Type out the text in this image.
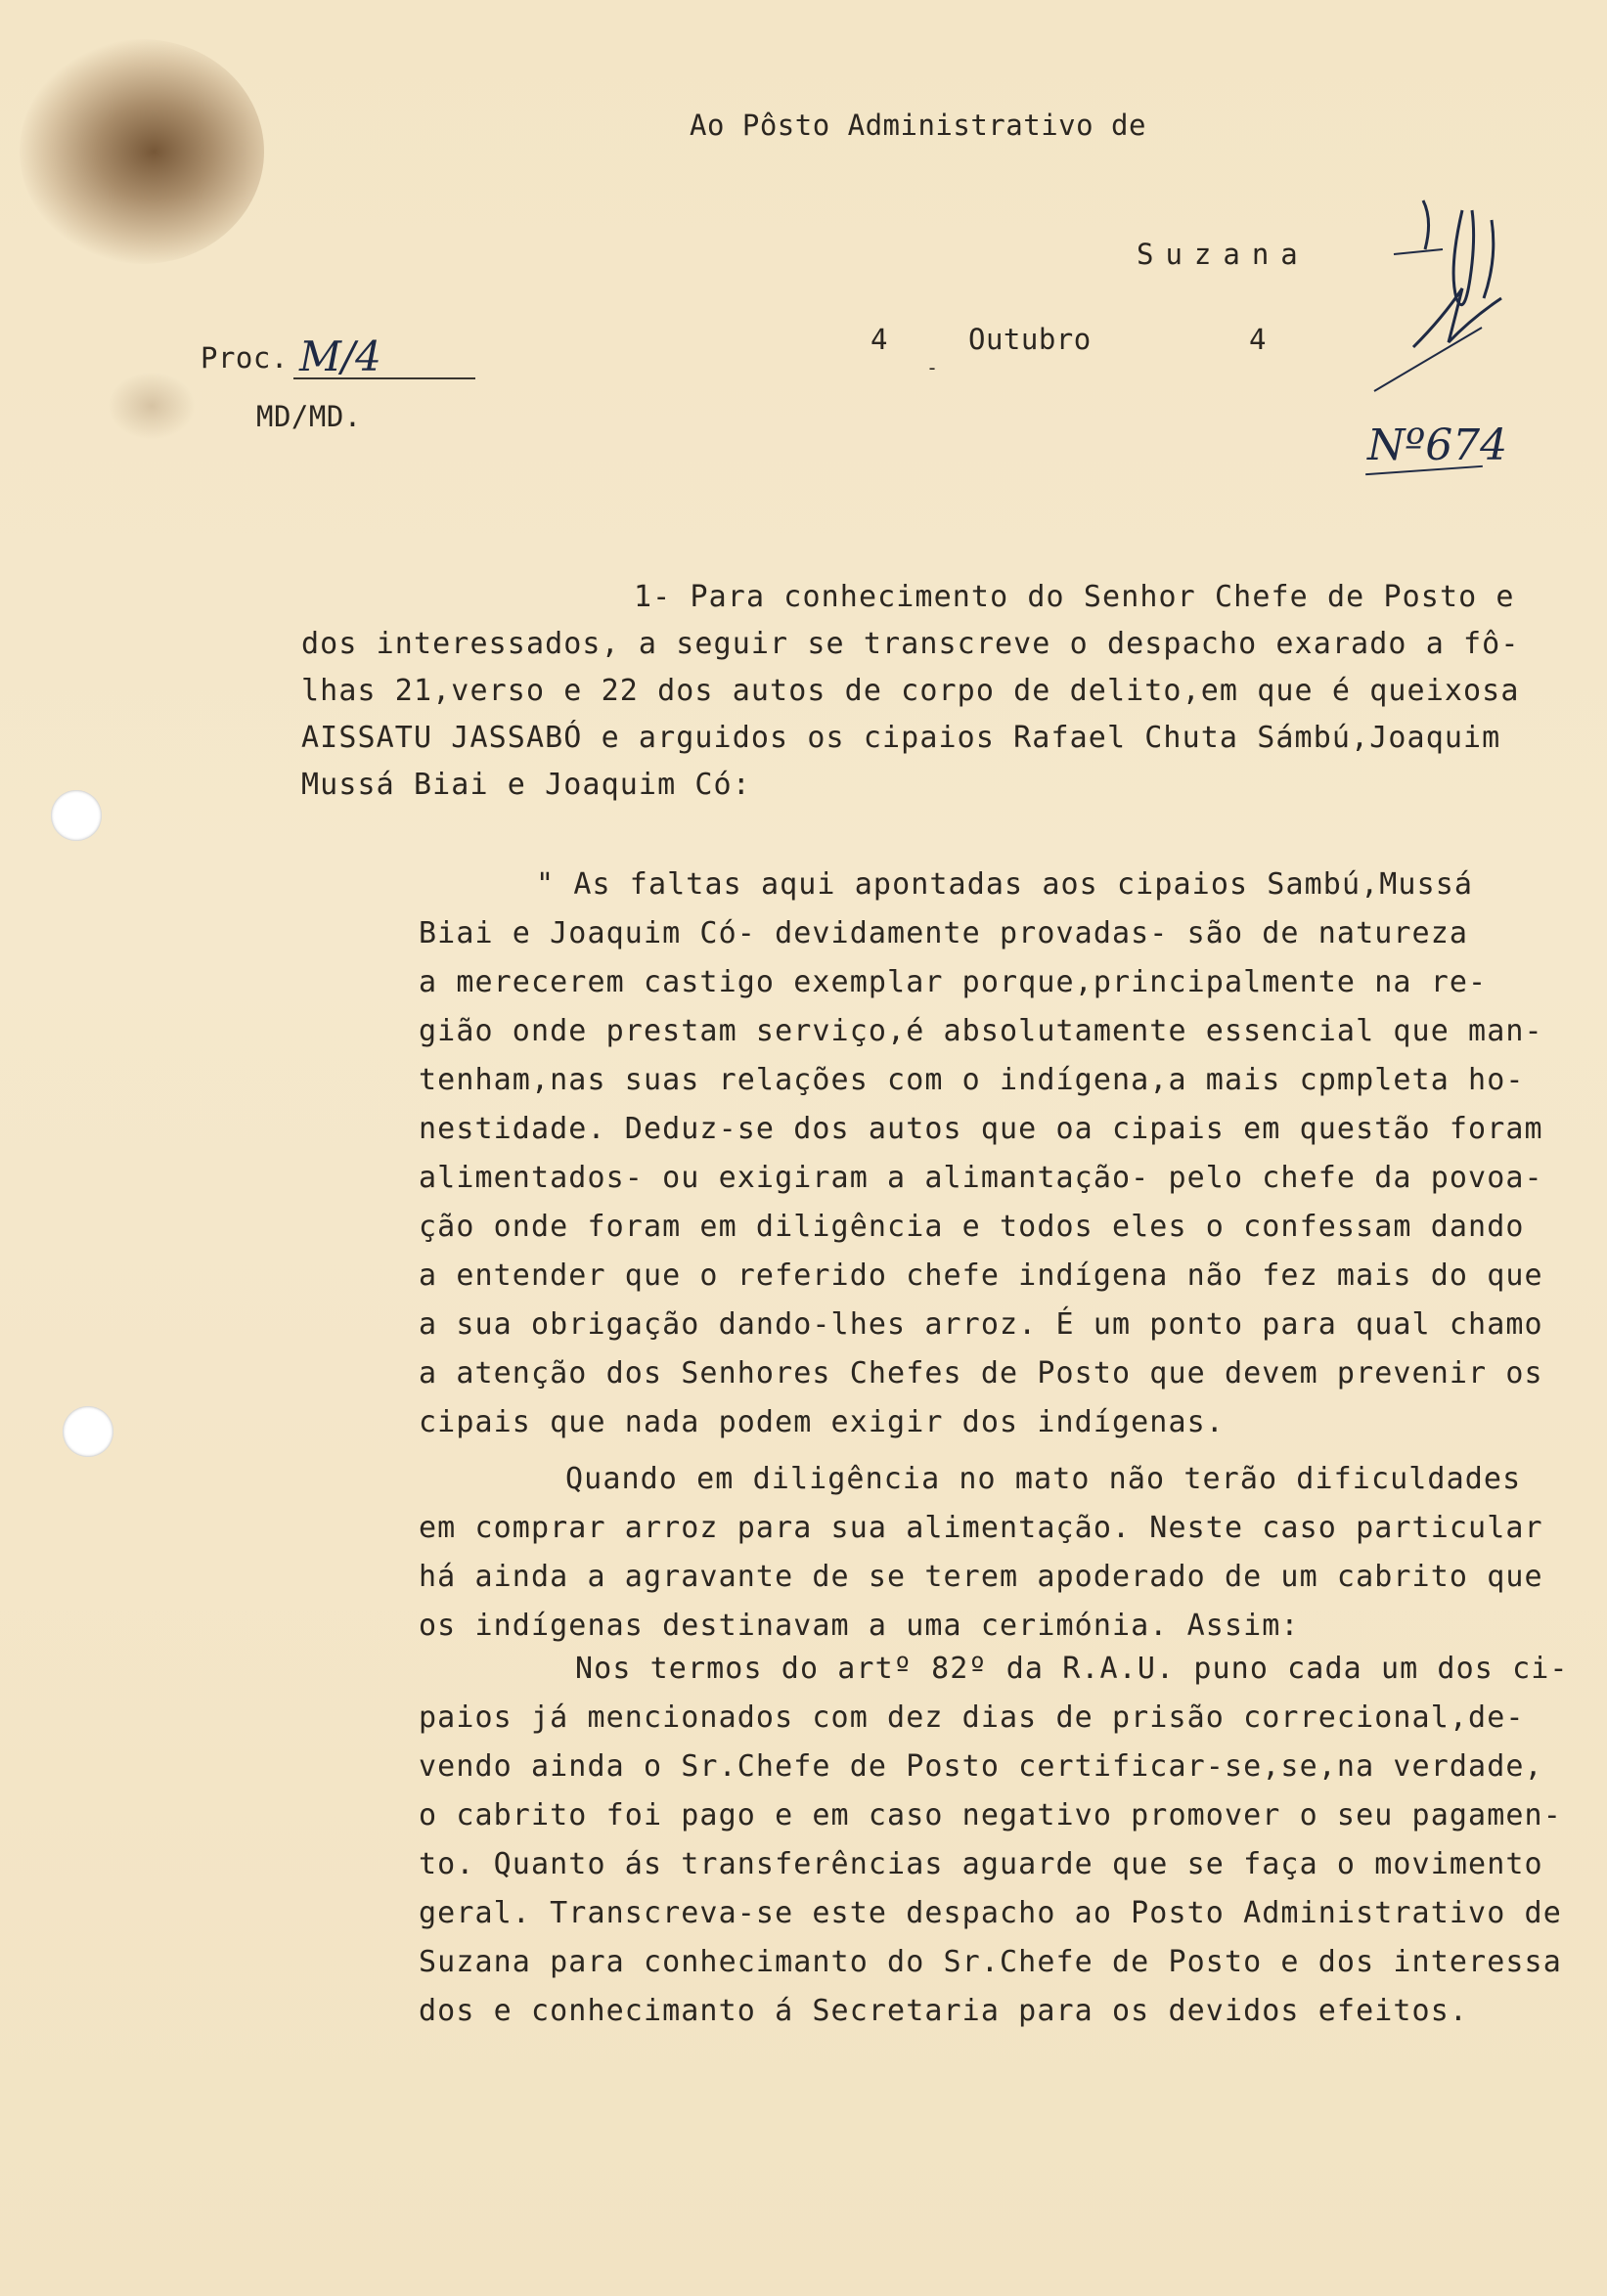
Ao Pôsto Administrativo de
Suzana
4	Outubro	4
-
Proc. M/4
MD/MD.
Nº674
1- Para conhecimento do Senhor Chefe de Posto e
dos interessados, a seguir se transcreve o despacho exarado a fô-
lhas 21,verso e 22 dos autos de corpo de delito,em que é queixosa
AISSATU JASSABÓ e arguidos os cipaios Rafael Chuta Sámbú,Joaquim
Mussá Biai e Joaquim Có:
" As faltas aqui apontadas aos cipaios Sambú,Mussá
Biai e Joaquim Có- devidamente provadas- são de natureza
a merecerem castigo exemplar porque,principalmente na re-
gião onde prestam serviço,é absolutamente essencial que man-
tenham,nas suas relações com o indígena,a mais cpmpleta ho-
nestidade. Deduz-se dos autos que oa cipais em questão foram
alimentados- ou exigiram a alimantação- pelo chefe da povoa-
ção onde foram em diligência e todos eles o confessam dando
a entender que o referido chefe indígena não fez mais do que
a sua obrigação dando-lhes arroz. É um ponto para qual chamo
a atenção dos Senhores Chefes de Posto que devem prevenir os
cipais que nada podem exigir dos indígenas.
Quando em diligência no mato não terão dificuldades
em comprar arroz para sua alimentação. Neste caso particular
há ainda a agravante de se terem apoderado de um cabrito que
os indígenas destinavam a uma cerimónia. Assim:
Nos termos do artº 82º da R.A.U. puno cada um dos ci-
paios já mencionados com dez dias de prisão correcional,de-
vendo ainda o Sr.Chefe de Posto certificar-se,se,na verdade,
o cabrito foi pago e em caso negativo promover o seu pagamen-
to. Quanto ás transferências aguarde que se faça o movimento
geral. Transcreva-se este despacho ao Posto Administrativo de
Suzana para conhecimanto do Sr.Chefe de Posto e dos interessa
dos e conhecimanto á Secretaria para os devidos efeitos.
